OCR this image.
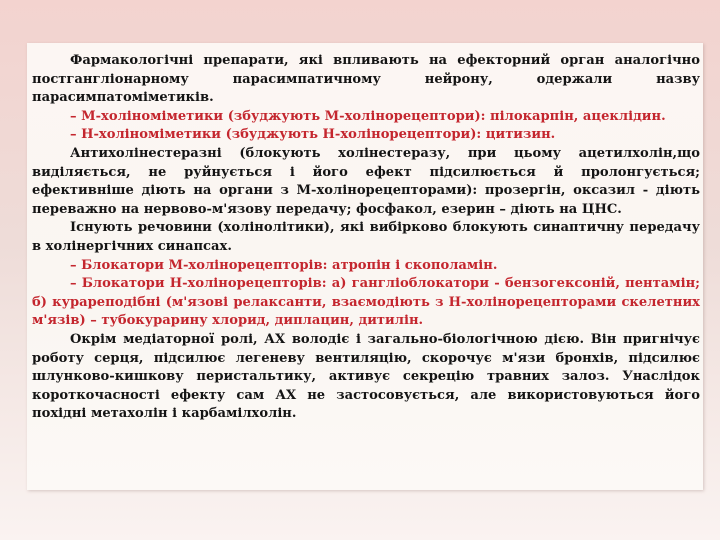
Фармакологічні препарати, які впливають на ефекторний орган аналогічно постгангліонарному парасимпатичному нейрону, одержали назву парасимпатоміметиків.

– М-холіноміметики (збуджують М-холінорецептори): пілокарпін, ацеклідин.

– Н-холіноміметики (збуджують Н-холінорецептори): цитизин.

Антихолінестеразні (блокують холінестеразу, при цьому ацетилхолін,що виділяється, не руйнується і його ефект підсилюється й пролонгується; ефективніше діють на органи з М-холінорецепторами): прозергін, оксазил - діють переважно на нервово-м'язову передачу; фосфакол, езерин – діють на ЦНС.

Існують речовини (холінолітики), які вибірково блокують синаптичну передачу в холінергічних синапсах.

– Блокатори М-холінорецепторів: атропін і скополамін.

– Блокатори Н-холінорецепторів: а) гангліоблокатори - бензогексоній, пентамін; б) курареподібні (м'язові релаксанти, взаємодіють з Н-холінорецепторами скелетних м'язів) – тубокурарину хлорид, диплацин, дитилін.

Окрім медіаторної ролі, АХ володіє і загально-біологічною дією. Він пригнічує роботу серця, підсилює легеневу вентиляцію, скорочує м'язи бронхів, підсилює шлунково-кишкову перистальтику, активує секрецію травних залоз. Унаслідок короткочасності ефекту сам АХ не застосовується, але використовуються його похідні метахолін і карбамілхолін.
